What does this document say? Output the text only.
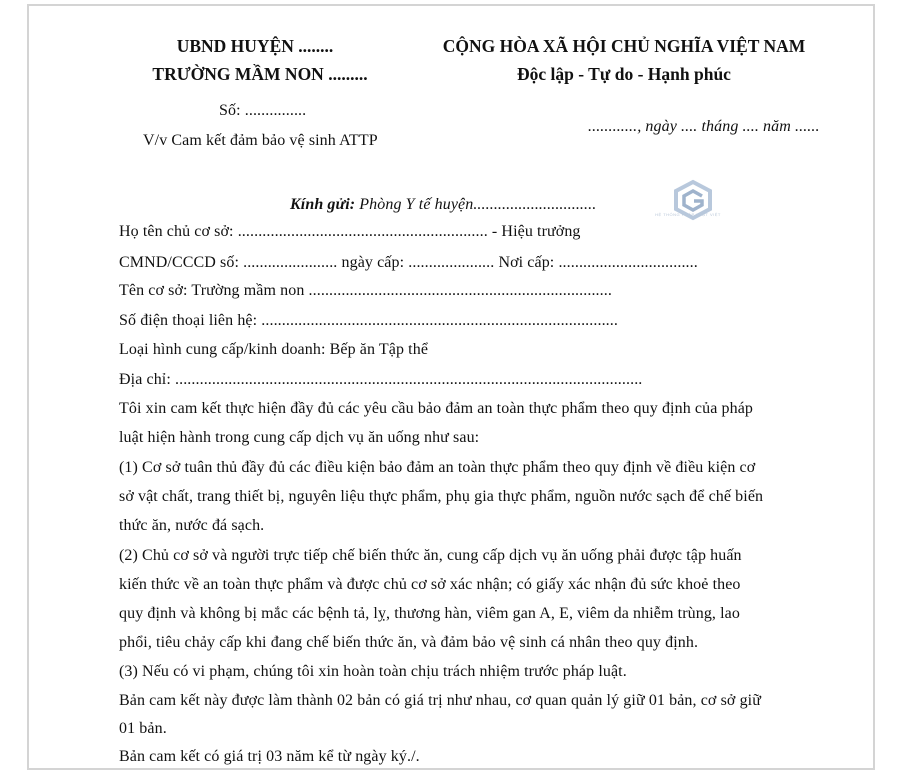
UBND HUYỆN ........
TRƯỜNG MẦM NON .........
Số: ...............
V/v Cam kết đảm bảo vệ sinh ATTP
CỘNG HÒA XÃ HỘI CHỦ NGHĨA VIỆT NAM
Độc lập - Tự do - Hạnh phúc
............, ngày .... tháng .... năm ......
Kính gửi: Phòng Y tế huyện..............................
HỆ THỐNG PHÁP LUẬT VIỆT
Họ tên chủ cơ sở: ............................................................. - Hiệu trưởng
CMND/CCCD số: ....................... ngày cấp: ..................... Nơi cấp: ..................................
Tên cơ sở: Trường mầm non ..........................................................................
Số điện thoại liên hệ: .......................................................................................
Loại hình cung cấp/kinh doanh: Bếp ăn Tập thể
Địa chỉ: ..................................................................................................................
Tôi xin cam kết thực hiện đầy đủ các yêu cầu bảo đảm an toàn thực phẩm theo quy định của pháp
luật hiện hành trong cung cấp dịch vụ ăn uống như sau:
(1) Cơ sở tuân thủ đầy đủ các điều kiện bảo đảm an toàn thực phẩm theo quy định về điều kiện cơ
sở vật chất, trang thiết bị, nguyên liệu thực phẩm, phụ gia thực phẩm, nguồn nước sạch để chế biến
thức ăn, nước đá sạch.
(2) Chủ cơ sở và người trực tiếp chế biến thức ăn, cung cấp dịch vụ ăn uống phải được tập huấn
kiến thức về an toàn thực phẩm và được chủ cơ sở xác nhận; có giấy xác nhận đủ sức khoẻ theo
quy định và không bị mắc các bệnh tả, lỵ, thương hàn, viêm gan A, E, viêm da nhiễm trùng, lao
phổi, tiêu chảy cấp khi đang chế biến thức ăn, và đảm bảo vệ sinh cá nhân theo quy định.
(3) Nếu có vi phạm, chúng tôi xin hoàn toàn chịu trách nhiệm trước pháp luật.
Bản cam kết này được làm thành 02 bản có giá trị như nhau, cơ quan quản lý giữ 01 bản, cơ sở giữ
01 bản.
Bản cam kết có giá trị 03 năm kể từ ngày ký./.
